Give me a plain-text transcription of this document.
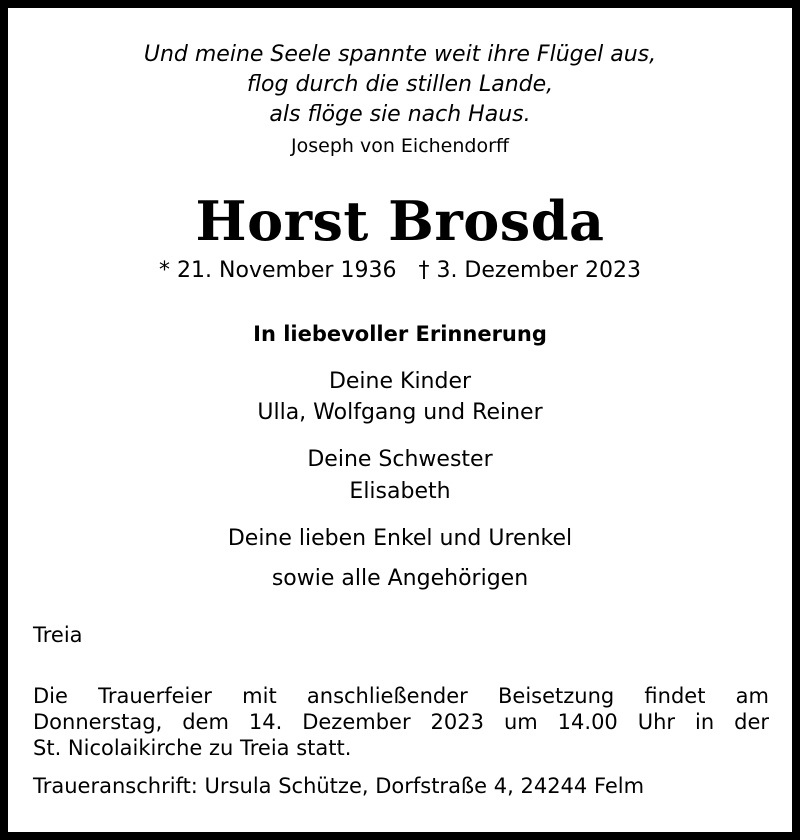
Und meine Seele spannte weit ihre Flügel aus,
flog durch die stillen Lande,
als flöge sie nach Haus.
Joseph von Eichendorff
Horst Brosda
* 21. November 1936 † 3. Dezember 2023
In liebevoller Erinnerung
Deine Kinder
Ulla, Wolfgang und Reiner
Deine Schwester
Elisabeth
Deine lieben Enkel und Urenkel
sowie alle Angehörigen
Treia
Die Trauerfeier mit anschließender Beisetzung findet am
Donnerstag, dem 14. Dezember 2023 um 14.00 Uhr in der
St. Nicolaikirche zu Treia statt.
Traueranschrift: Ursula Schütze, Dorfstraße 4, 24244 Felm
